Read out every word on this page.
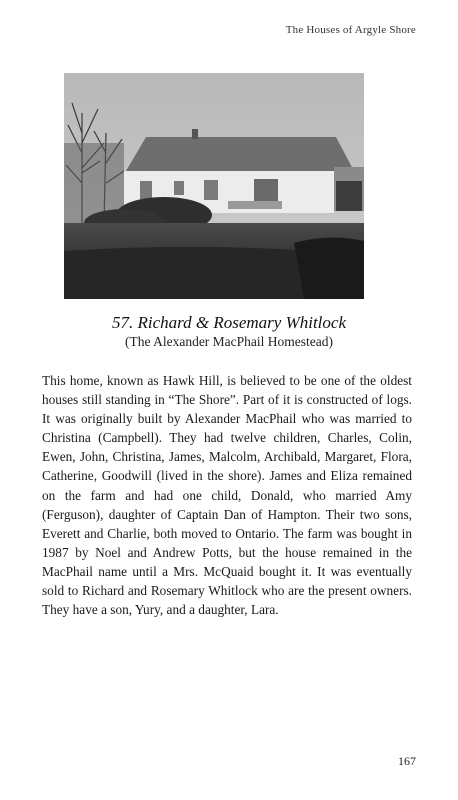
The Houses of Argyle Shore
57. Richard & Rosemary Whitlock
(The Alexander MacPhail Homestead)

This home, known as Hawk Hill, is believed to be one of the oldest houses still standing in “The Shore”. Part of it is constructed of logs. It was originally built by Alexander MacPhail who was married to Christina (Campbell). They had twelve children, Charles, Colin, Ewen, John, Christina, James, Malcolm, Archibald, Margaret, Flora, Catherine, Goodwill (lived in the shore). James and Eliza remained on the farm and had one child, Donald, who married Amy (Ferguson), daughter of Captain Dan of Hampton. Their two sons, Everett and Charlie, both moved to Ontario. The farm was bought in 1987 by Noel and Andrew Potts, but the house remained in the MacPhail name until a Mrs. McQuaid bought it. It was eventually sold to Richard and Rosemary Whitlock who are the present owners. They have a son, Yury, and a daughter, Lara.

167
